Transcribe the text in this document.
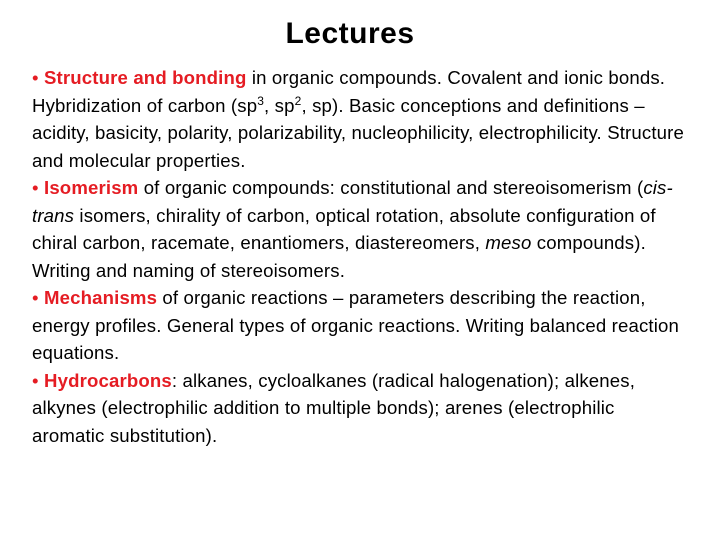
Lectures

• Structure and bonding in organic compounds. Covalent and ionic bonds. Hybridization of carbon ($sp^3$, $sp^2$, sp). Basic conceptions and definitions – acidity, basicity, polarity, polarizability, nucleophilicity, electrophilicity. Structure and molecular properties.

• Isomerism of organic compounds: constitutional and stereoisomerism (cis-trans isomers, chirality of carbon, optical rotation, absolute configuration of chiral carbon, racemate, enantiomers, diastereomers, meso compounds). Writing and naming of stereoisomers.

• Mechanisms of organic reactions – parameters describing the reaction, energy profiles. General types of organic reactions. Writing balanced reaction equations.

• Hydrocarbons: alkanes, cycloalkanes (radical halogenation); alkenes, alkynes (electrophilic addition to multiple bonds); arenes (electrophilic aromatic substitution).
